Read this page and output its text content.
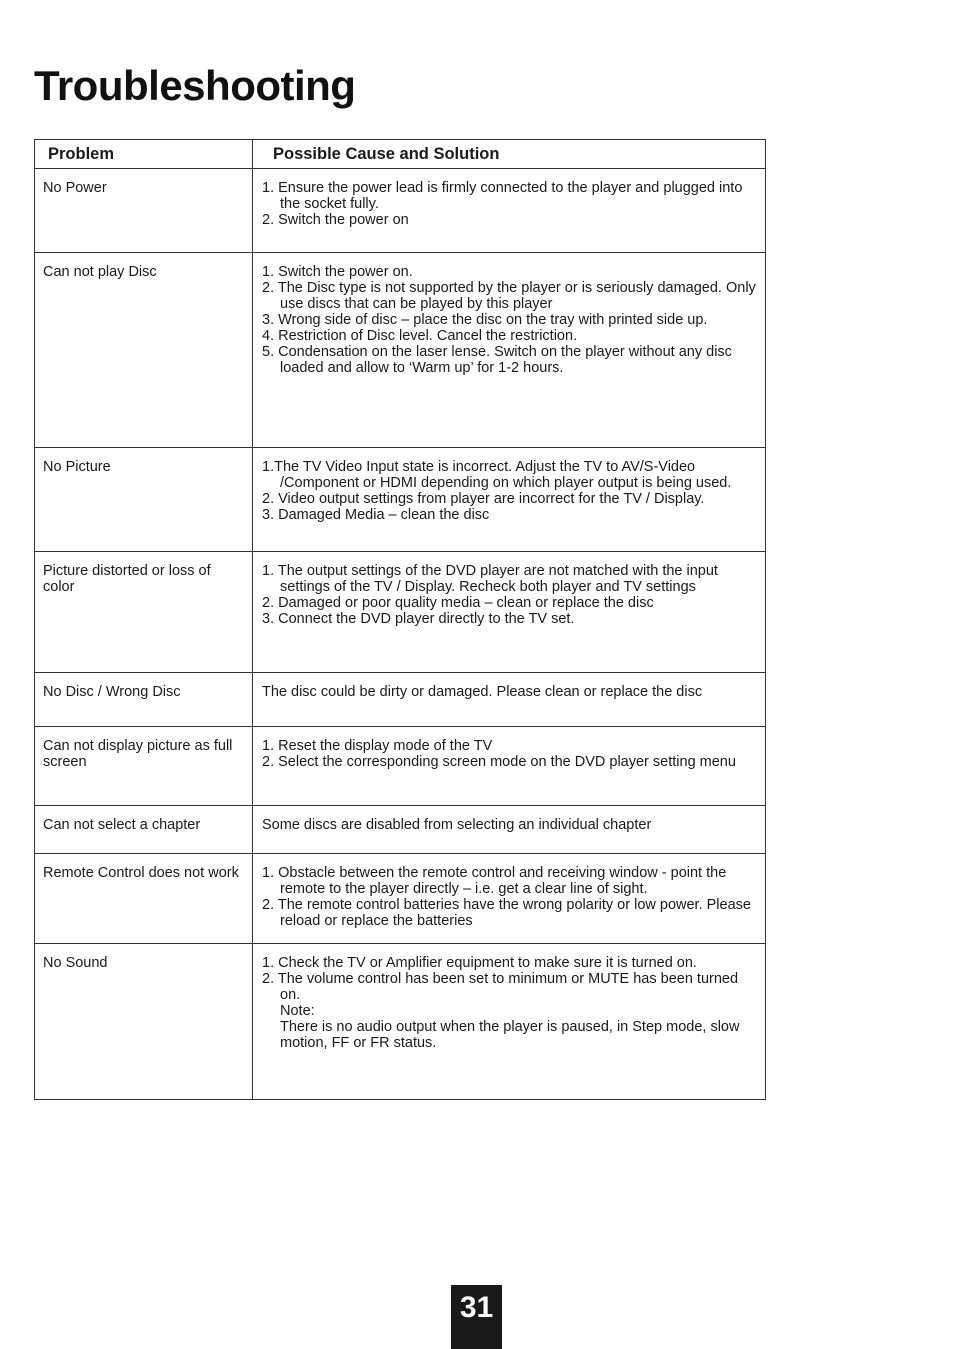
Troubleshooting
Problem	Possible Cause and Solution
No Power	1. Ensure the power lead is firmly connected to the player and plugged into the socket fully.
2. Switch the power on

Can not play Disc	1. Switch the power on.
2. The Disc type is not supported by the player or is seriously damaged. Only use discs that can be played by this player
3. Wrong side of disc – place the disc on the tray with printed side up.
4. Restriction of Disc level. Cancel the restriction.
5. Condensation on the laser lense. Switch on the player without any disc loaded and allow to ‘Warm up’ for 1-2 hours.

No Picture	1.The TV Video Input state is incorrect. Adjust the TV to AV/S-Video /Component or HDMI depending on which player output is being used.
2. Video output settings from player are incorrect for the TV / Display.
3. Damaged Media – clean the disc

Picture distorted or loss of color	1. The output settings of the DVD player are not matched with the input settings of the TV / Display. Recheck both player and TV settings
2. Damaged or poor quality media – clean or replace the disc
3. Connect the DVD player directly to the TV set.

No Disc / Wrong Disc	The disc could be dirty or damaged. Please clean or replace the disc

Can not display picture as full screen	1. Reset the display mode of the TV
2. Select the corresponding screen mode on the DVD player setting menu

Can not select a chapter	Some discs are disabled from selecting an individual chapter

Remote Control does not work	1. Obstacle between the remote control and receiving window - point the remote to the player directly – i.e. get a clear line of sight.
2. The remote control batteries have the wrong polarity or low power. Please reload or replace the batteries

No Sound	1. Check the TV or Amplifier equipment to make sure it is turned on.
2. The volume control has been set to minimum or MUTE has been turned on.
Note:
There is no audio output when the player is paused, in Step mode, slow motion, FF or FR status.
31
